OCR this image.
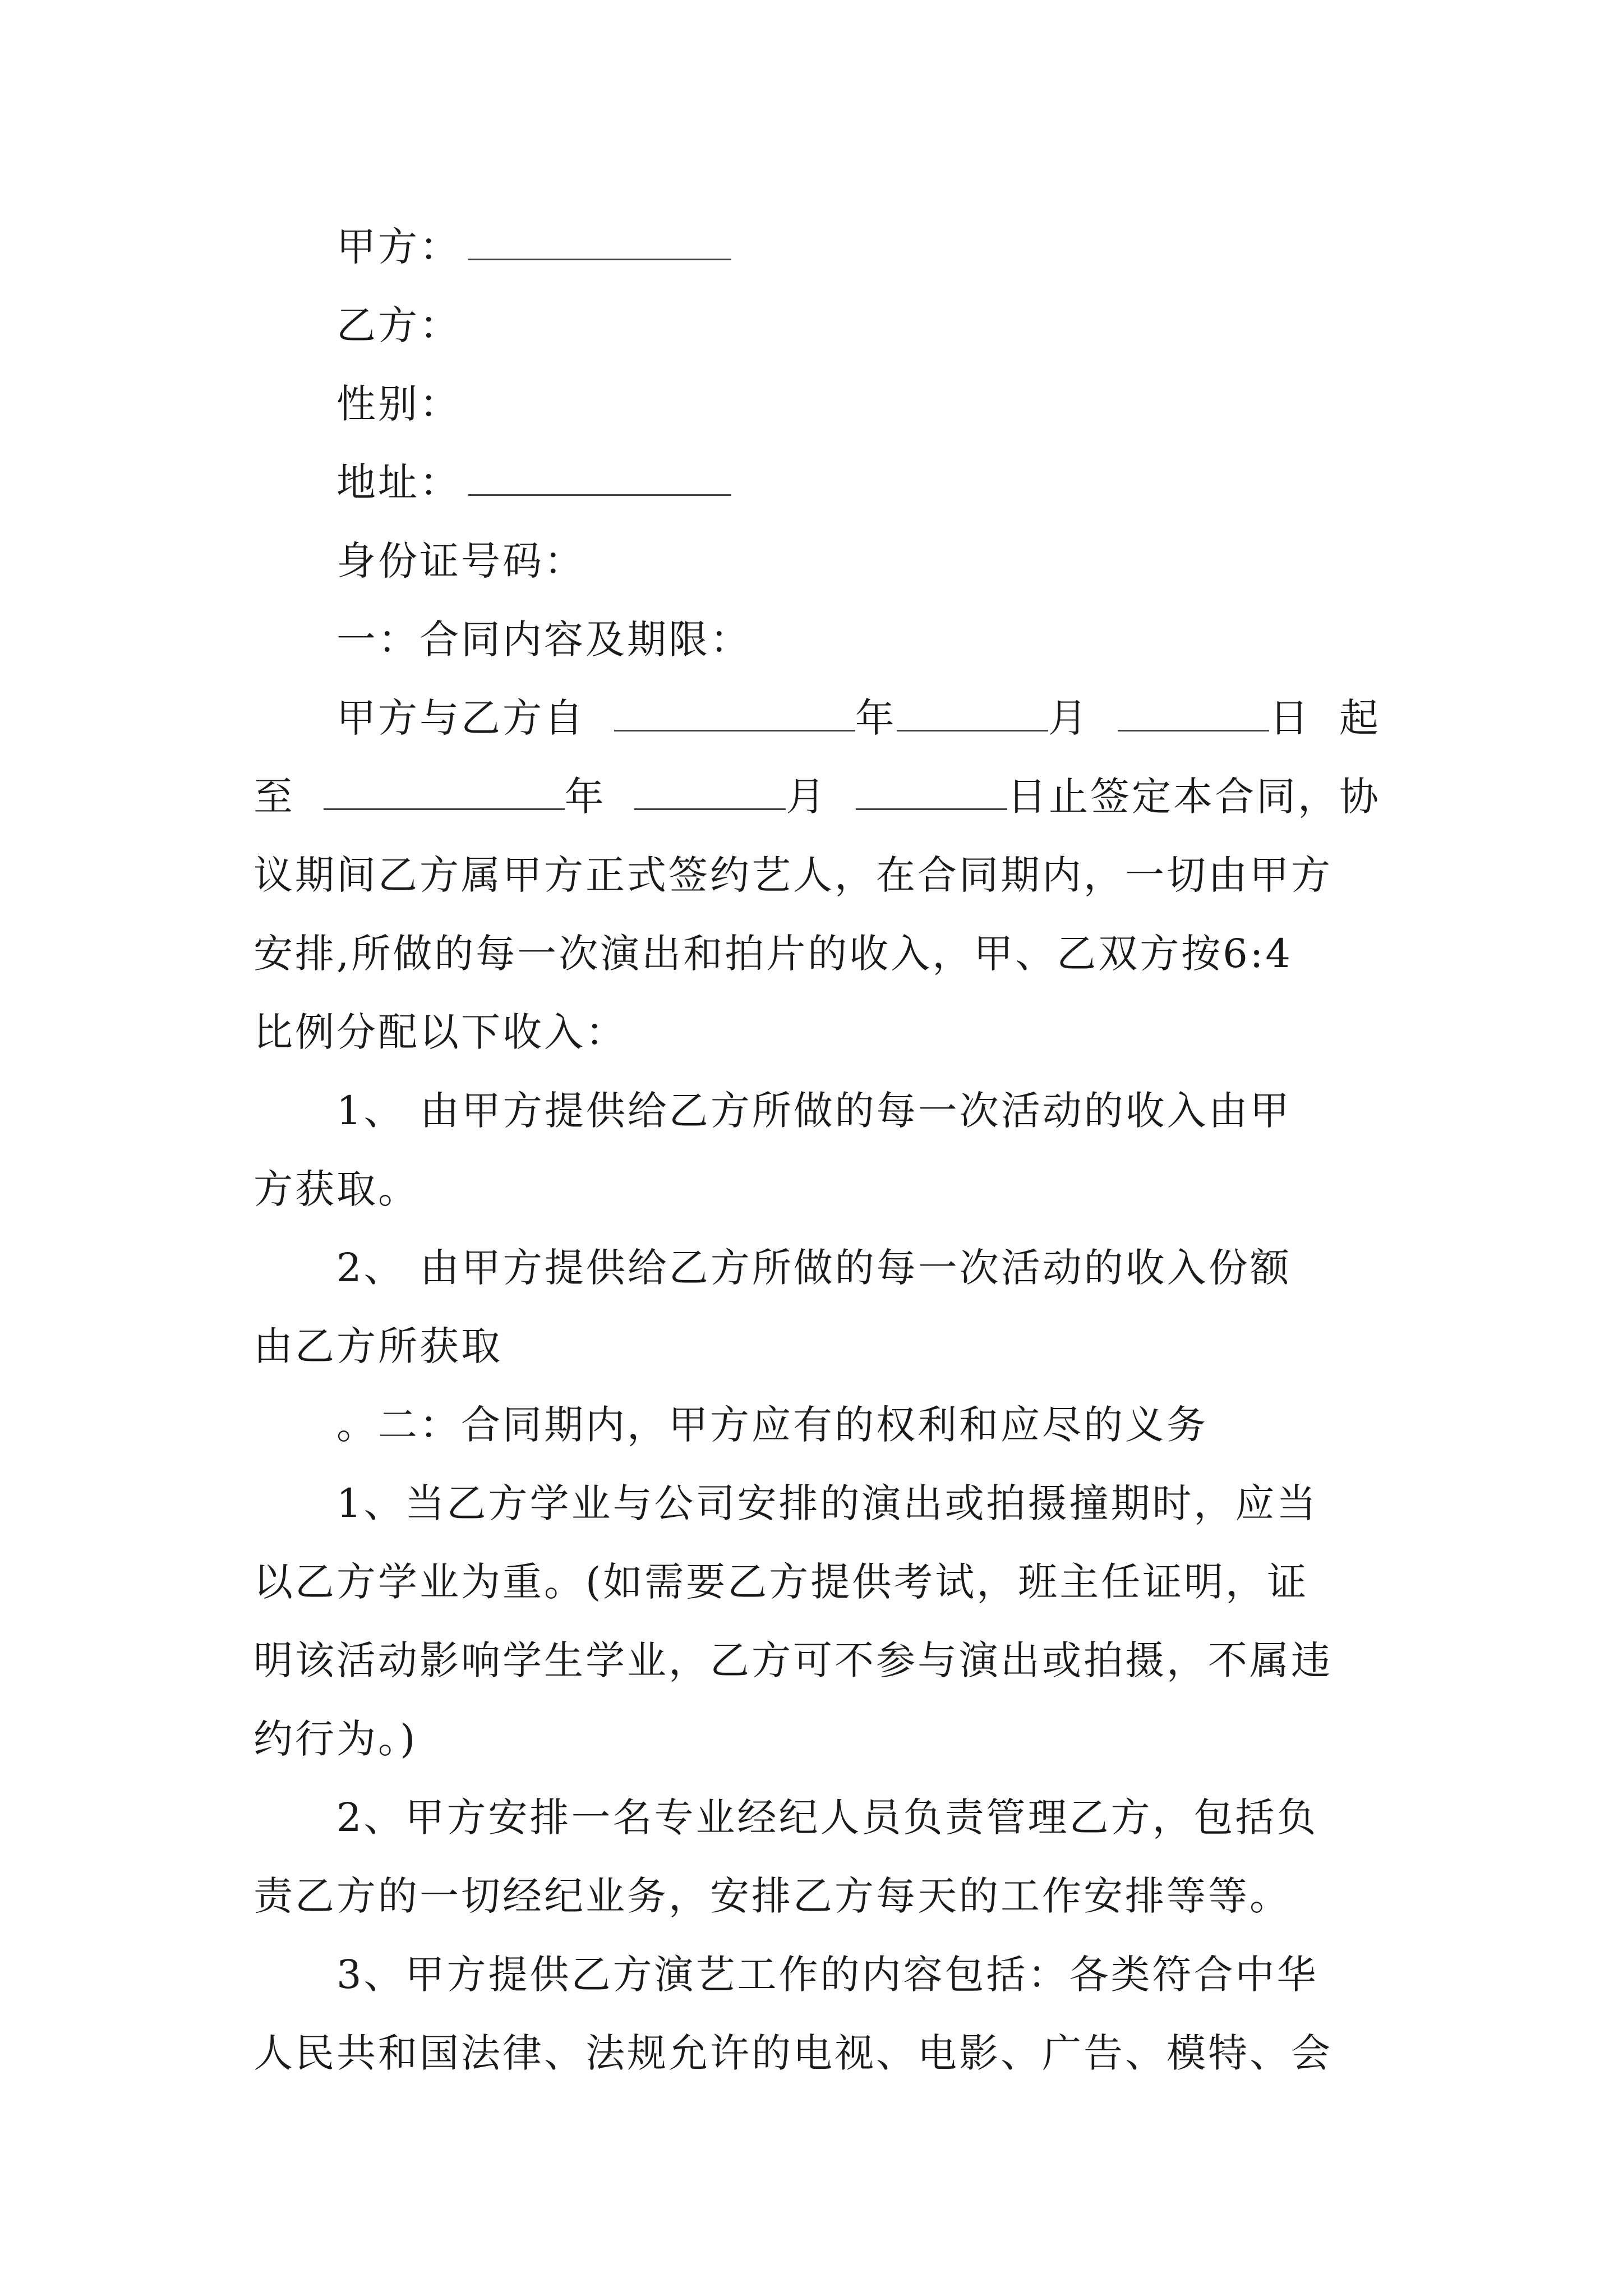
甲方：
乙方：
性别：
地址：
身份证号码：
一：合同内容及期限：
甲方与乙方自	年	月	日 起
至	年	月	日止签定本合同，协
议期间乙方属甲方正式签约艺人，在合同期内，一切由甲方
安排,所做的每一次演出和拍片的收入，甲、乙双方按6:4
比例分配以下收入：
1、 由甲方提供给乙方所做的每一次活动的收入由甲
方获取。
2、 由甲方提供给乙方所做的每一次活动的收入份额
由乙方所获取
。二：合同期内，甲方应有的权利和应尽的义务
1、当乙方学业与公司安排的演出或拍摄撞期时，应当
以乙方学业为重。(如需要乙方提供考试，班主任证明，证
明该活动影响学生学业，乙方可不参与演出或拍摄，不属违
约行为。)
2、甲方安排一名专业经纪人员负责管理乙方，包括负
责乙方的一切经纪业务，安排乙方每天的工作安排等等。
3、甲方提供乙方演艺工作的内容包括：各类符合中华
人民共和国法律、法规允许的电视、电影、广告、模特、会
